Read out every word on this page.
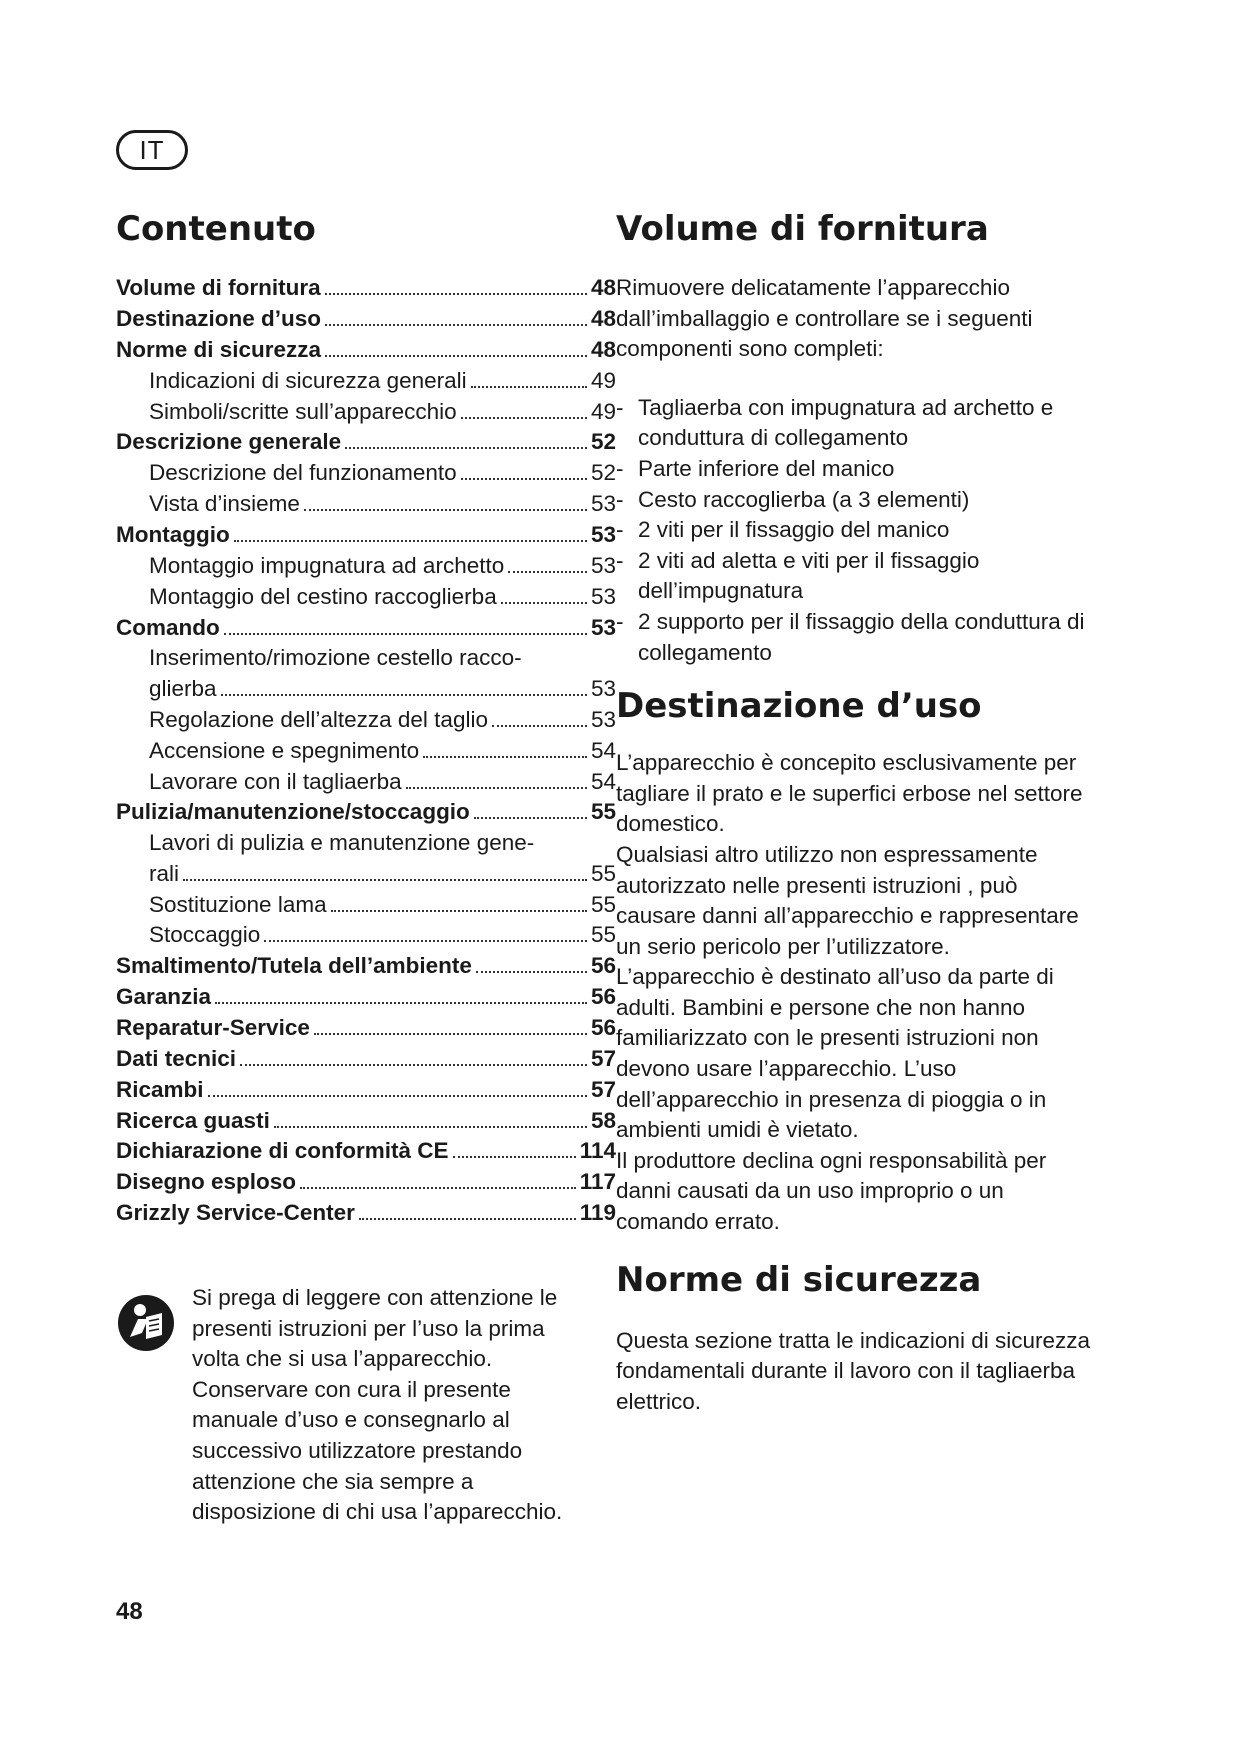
IT
Contenuto
Volume di fornitura	48
Destinazione d’uso	48
Norme di sicurezza	48
Indicazioni di sicurezza generali	49
Simboli/scritte sull’apparecchio	49
Descrizione generale	52
Descrizione del funzionamento	52
Vista d’insieme	53
Montaggio	53
Montaggio impugnatura ad archetto	53
Montaggio del cestino raccoglierba	53
Comando	53
Inserimento/rimozione cestello racco-
glierba	53
Regolazione dell’altezza del taglio	53
Accensione e spegnimento	54
Lavorare con il tagliaerba	54
Pulizia/manutenzione/stoccaggio	55
Lavori di pulizia e manutenzione gene-
rali	55
Sostituzione lama	55
Stoccaggio	55
Smaltimento/Tutela dell’ambiente	56
Garanzia	56
Reparatur-Service	56
Dati tecnici	57
Ricambi	57
Ricerca guasti	58
Dichiarazione di conformità CE	114
Disegno esploso	117
Grizzly Service-Center	119

Si prega di leggere con attenzione le presenti istruzioni per l’uso la prima volta che si usa l’apparecchio. Conservare con cura il presente manuale d’uso e consegnarlo al successivo utilizzatore prestando attenzione che sia sempre a disposizione di chi usa l’apparecchio.

Volume di fornitura

Rimuovere delicatamente l’apparecchio dall’imballaggio e controllare se i seguenti componenti sono completi:

- Tagliaerba con impugnatura ad archetto e conduttura di collegamento
- Parte inferiore del manico
- Cesto raccoglierba (a 3 elementi)
- 2 viti per il fissaggio del manico
- 2 viti ad aletta e viti per il fissaggio dell’impugnatura
- 2 supporto per il fissaggio della conduttura di collegamento
Destinazione d’uso

L’apparecchio è concepito esclusivamente per tagliare il prato e le superfici erbose nel settore domestico.

Qualsiasi altro utilizzo non espressamente autorizzato nelle presenti istruzioni , può causare danni all’apparecchio e rappresentare un serio pericolo per l’utilizzatore.

L’apparecchio è destinato all’uso da parte di adulti. Bambini e persone che non hanno familiarizzato con le presenti istruzioni non devono usare l’apparecchio. L’uso dell’apparecchio in presenza di pioggia o in ambienti umidi è vietato.

Il produttore declina ogni responsabilità per danni causati da un uso improprio o un comando errato.

Norme di sicurezza

Questa sezione tratta le indicazioni di sicurezza fondamentali durante il lavoro con il tagliaerba elettrico.

48
